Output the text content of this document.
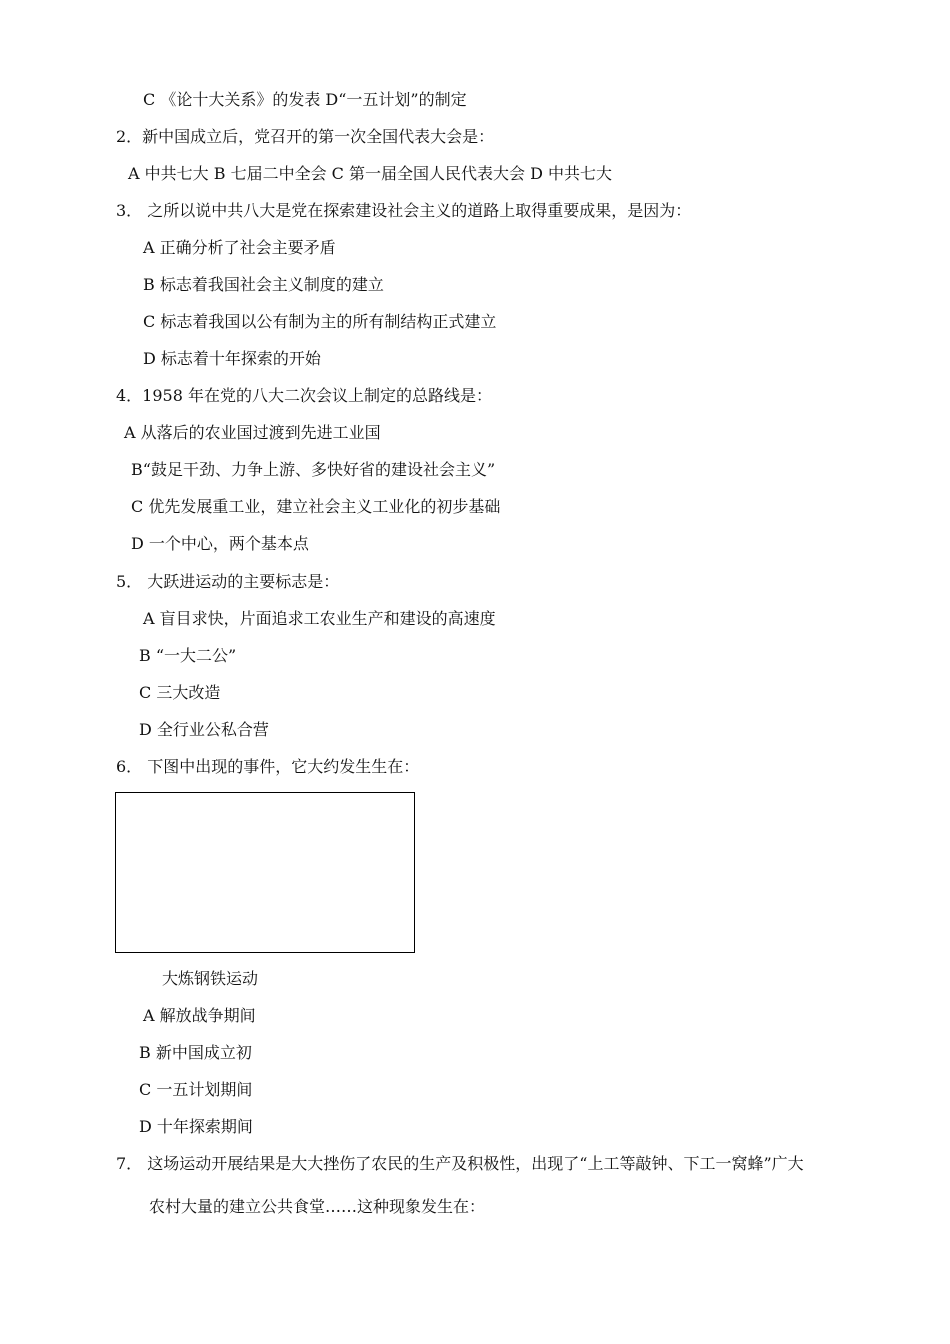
C 《论十大关系》的发表 D“一五计划”的制定
2．新中国成立后，党召开的第一次全国代表大会是：
A 中共七大 B 七届二中全会 C 第一届全国人民代表大会 D 中共七大
3． 之所以说中共八大是党在探索建设社会主义的道路上取得重要成果，是因为：
A 正确分析了社会主要矛盾
B 标志着我国社会主义制度的建立
C 标志着我国以公有制为主的所有制结构正式建立
D 标志着十年探索的开始
4．1958 年在党的八大二次会议上制定的总路线是：
A 从落后的农业国过渡到先进工业国
B“鼓足干劲、力争上游、多快好省的建设社会主义”
C 优先发展重工业，建立社会主义工业化的初步基础
D 一个中心，两个基本点
5． 大跃进运动的主要标志是：
A 盲目求快，片面追求工农业生产和建设的高速度
B “一大二公”
C 三大改造
D 全行业公私合营
6． 下图中出现的事件，它大约发生生在：
大炼钢铁运动
A 解放战争期间
B 新中国成立初
C 一五计划期间
D 十年探索期间
7． 这场运动开展结果是大大挫伤了农民的生产及积极性，出现了“上工等敲钟、下工一窝蜂”广大
农村大量的建立公共食堂……这种现象发生在：
